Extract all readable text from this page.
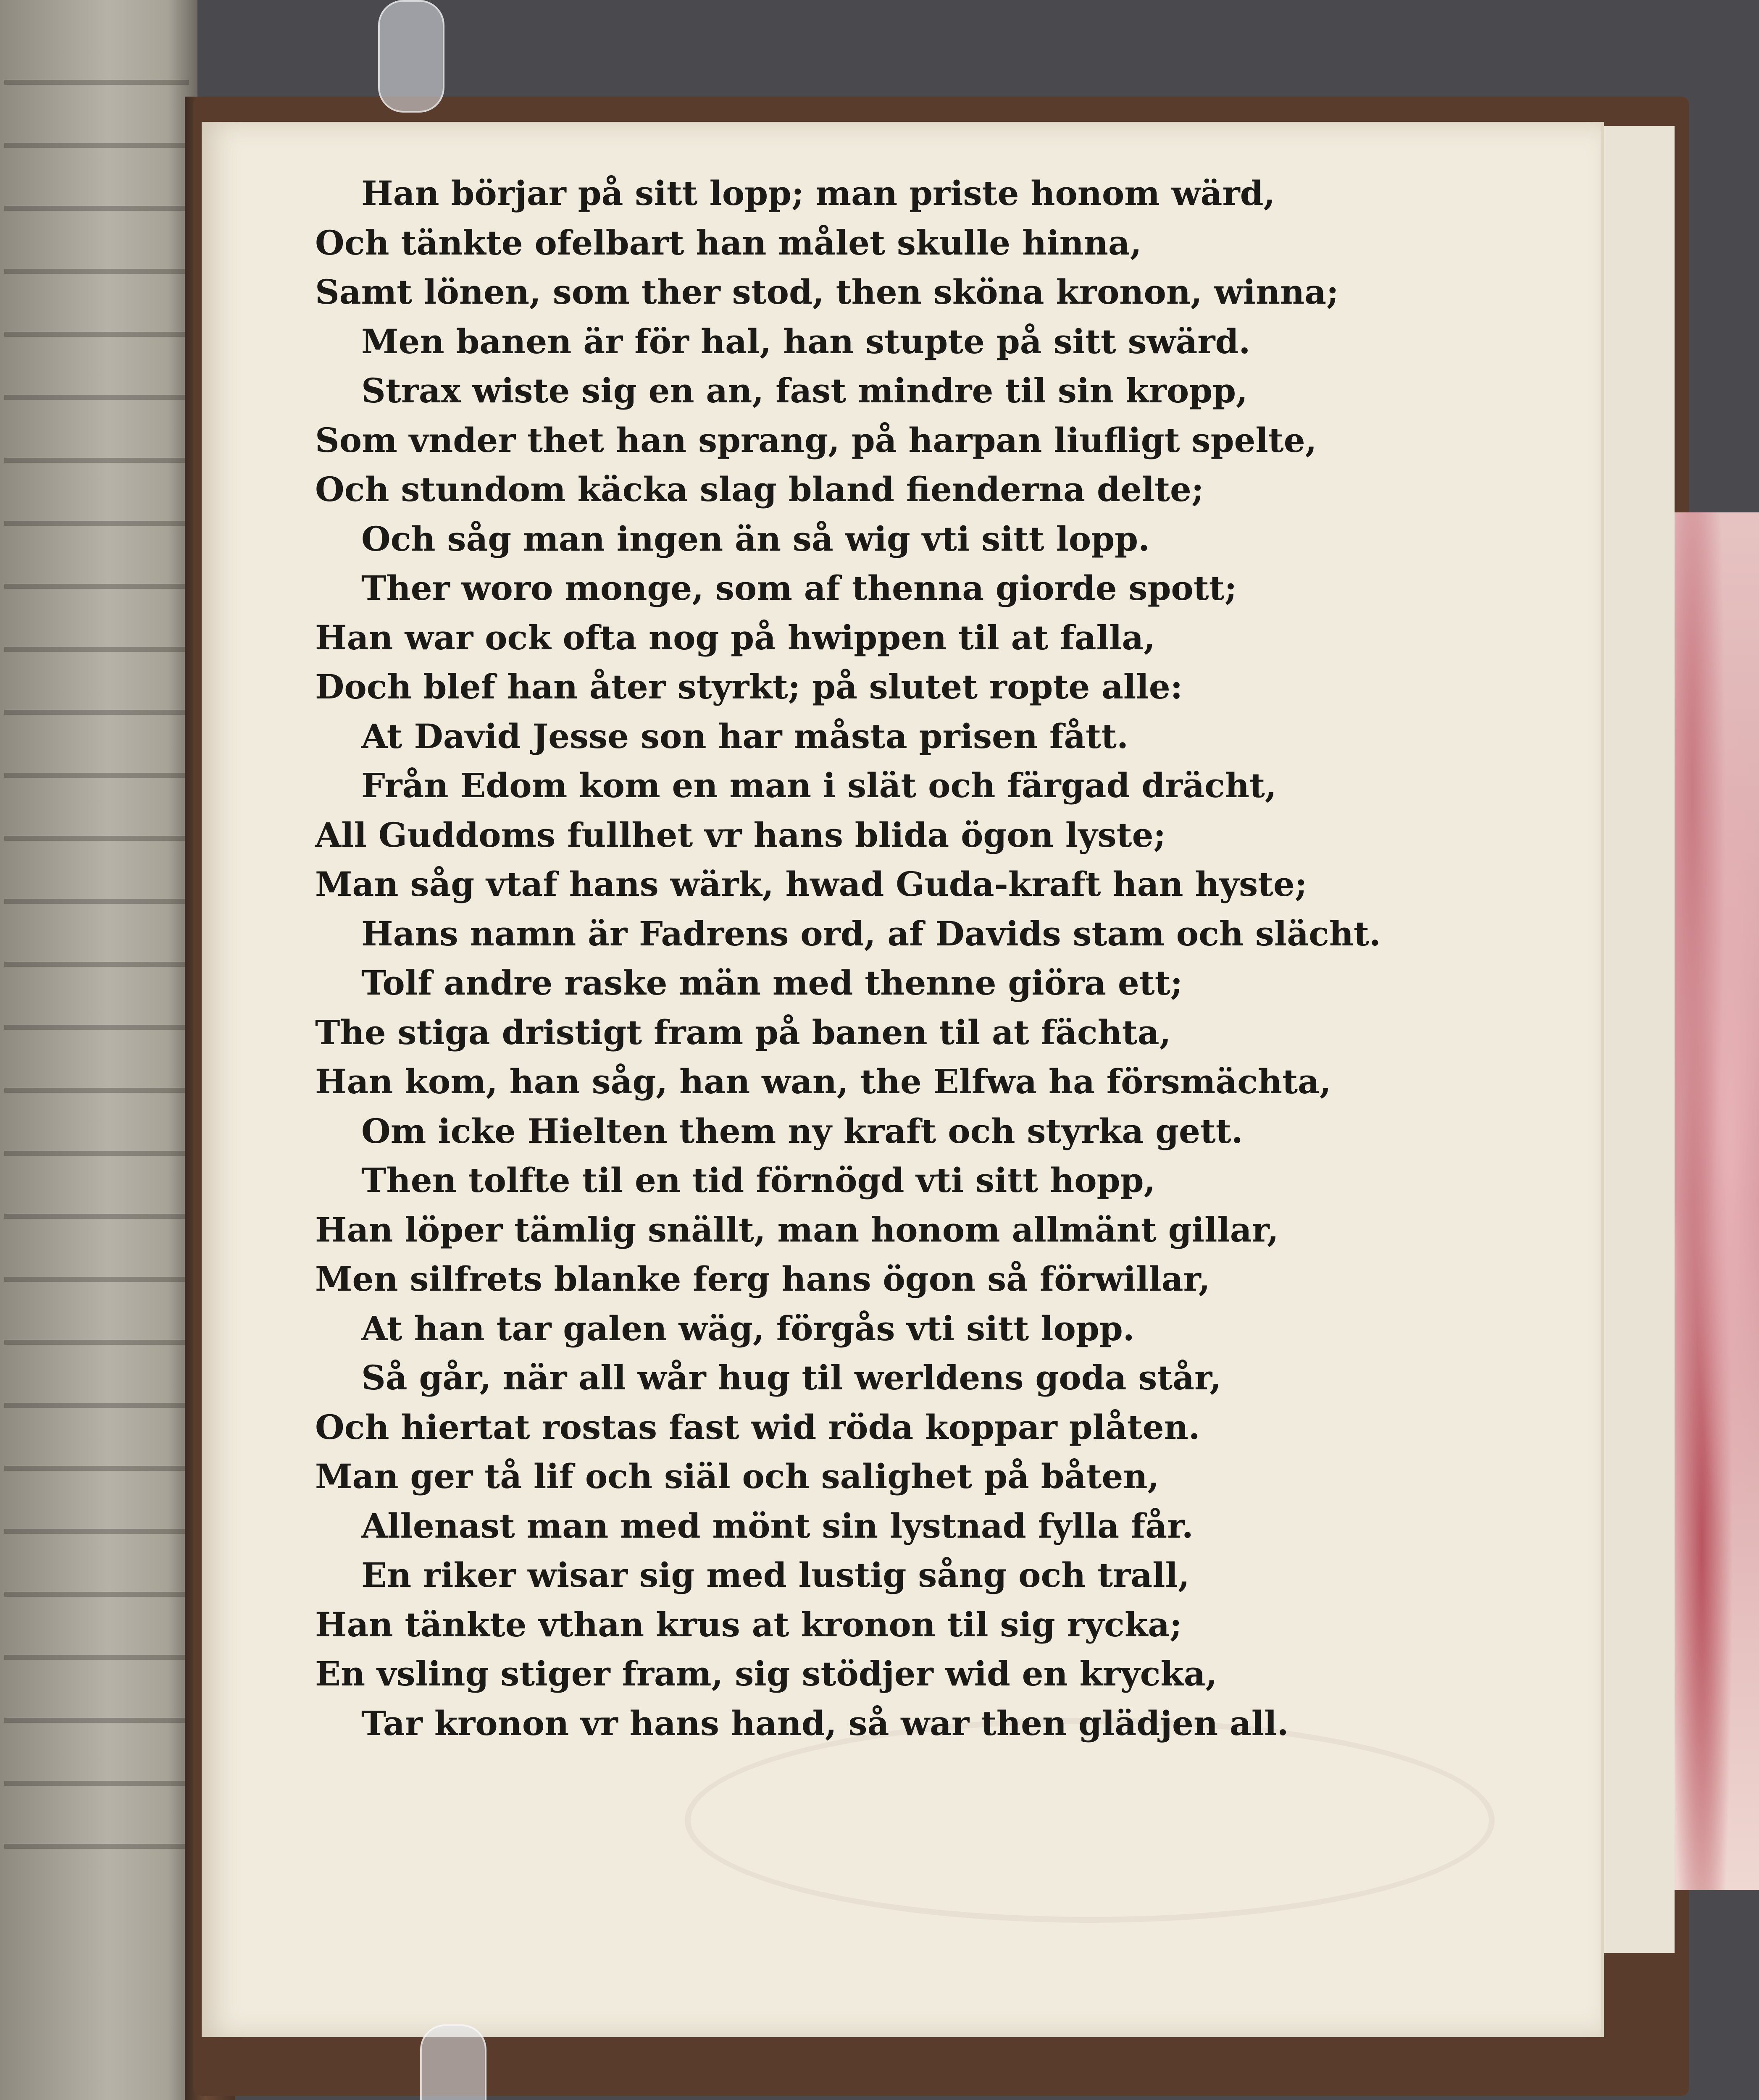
Han börjar på sitt lopp; man priste honom wärd,
Och tänkte ofelbart han målet skulle hinna,
Samt lönen, som ther stod, then sköna kronon, winna;
Men banen är för hal, han stupte på sitt swärd.
Strax wiste sig en an, fast mindre til sin kropp,
Som vnder thet han sprang, på harpan liufligt spelte,
Och stundom käcka slag bland fienderna delte;
Och såg man ingen än så wig vti sitt lopp.
Ther woro monge, som af thenna giorde spott;
Han war ock ofta nog på hwippen til at falla,
Doch blef han åter styrkt; på slutet ropte alle:
At David Jesse son har måsta prisen fått.
Från Edom kom en man i slät och färgad drächt,
All Guddoms fullhet vr hans blida ögon lyste;
Man såg vtaf hans wärk, hwad Guda-kraft han hyste;
Hans namn är Fadrens ord, af Davids stam och slächt.
Tolf andre raske män med thenne giöra ett;
The stiga dristigt fram på banen til at fächta,
Han kom, han såg, han wan, the Elfwa ha försmächta,
Om icke Hielten them ny kraft och styrka gett.
Then tolfte til en tid förnögd vti sitt hopp,
Han löper tämlig snällt, man honom allmänt gillar,
Men silfrets blanke ferg hans ögon så förwillar,
At han tar galen wäg, förgås vti sitt lopp.
Så går, när all wår hug til werldens goda står,
Och hiertat rostas fast wid röda koppar plåten.
Man ger tå lif och siäl och salighet på båten,
Allenast man med mönt sin lystnad fylla får.
En riker wisar sig med lustig sång och trall,
Han tänkte vthan krus at kronon til sig rycka;
En vsling stiger fram, sig stödjer wid en krycka,
Tar kronon vr hans hand, så war then glädjen all.
